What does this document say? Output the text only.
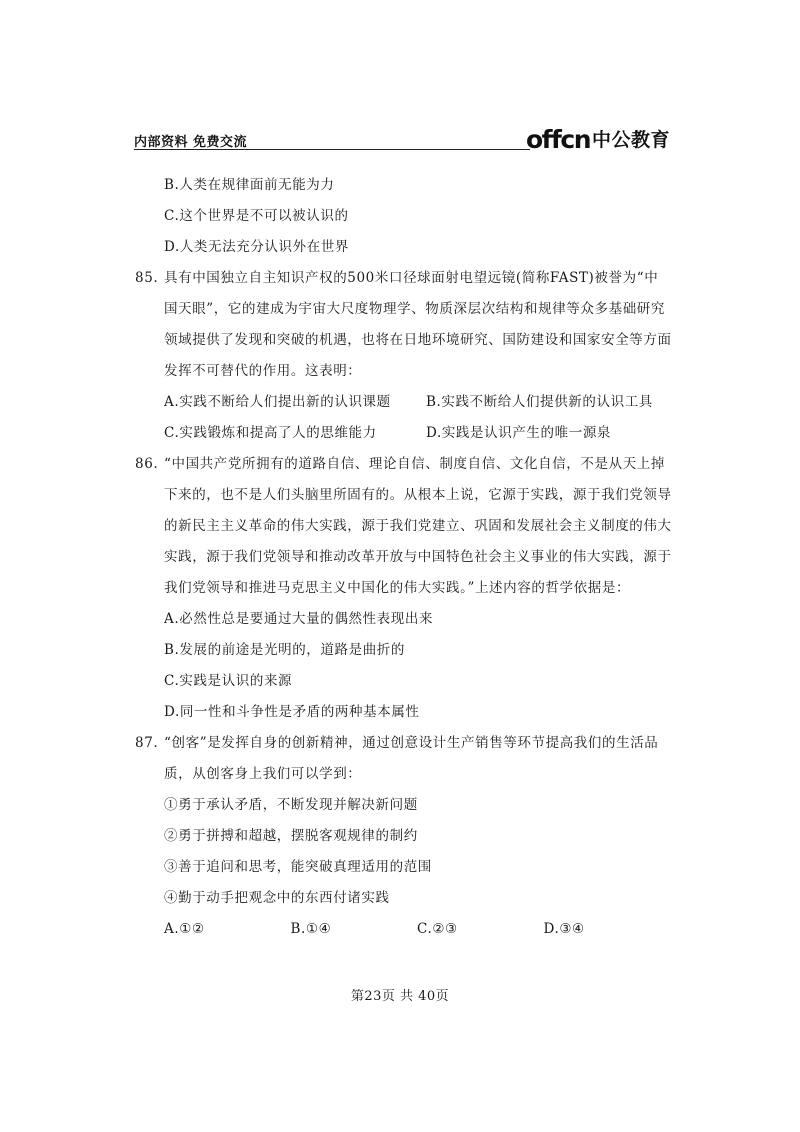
内部资料 免费交流	offcn 中公教育
B.人类在规律面前无能为力
C.这个世界是不可以被认识的
D.人类无法充分认识外在世界
85. 具有中国独立自主知识产权的500米口径球面射电望远镜(简称FAST)被誉为“中
国天眼”，它的建成为宇宙大尺度物理学、物质深层次结构和规律等众多基础研究
领域提供了发现和突破的机遇，也将在日地环境研究、国防建设和国家安全等方面
发挥不可替代的作用。这表明：
A.实践不断给人们提出新的认识课题	B.实践不断给人们提供新的认识工具
C.实践锻炼和提高了人的思维能力	D.实践是认识产生的唯一源泉
86. “中国共产党所拥有的道路自信、理论自信、制度自信、文化自信，不是从天上掉
下来的，也不是人们头脑里所固有的。从根本上说，它源于实践，源于我们党领导
的新民主主义革命的伟大实践，源于我们党建立、巩固和发展社会主义制度的伟大
实践，源于我们党领导和推动改革开放与中国特色社会主义事业的伟大实践，源于
我们党领导和推进马克思主义中国化的伟大实践。”上述内容的哲学依据是：
A.必然性总是要通过大量的偶然性表现出来
B.发展的前途是光明的，道路是曲折的
C.实践是认识的来源
D.同一性和斗争性是矛盾的两种基本属性
87. “创客”是发挥自身的创新精神，通过创意设计生产销售等环节提高我们的生活品
质，从创客身上我们可以学到：
①勇于承认矛盾，不断发现并解决新问题
②勇于拼搏和超越，摆脱客观规律的制约
③善于追问和思考，能突破真理适用的范围
④勤于动手把观念中的东西付诸实践
A.①②	B.①④	C.②③	D.③④
第23页 共 40页
